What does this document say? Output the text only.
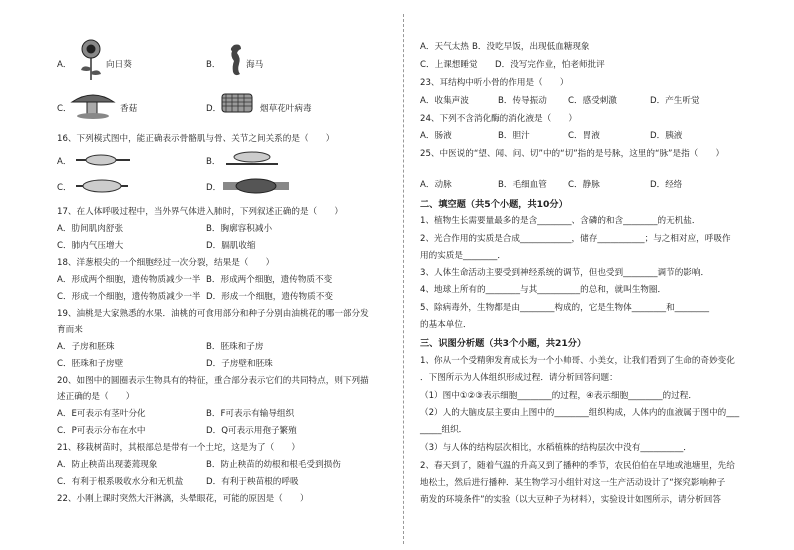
A．	向日葵	B．	海马
C．	香菇	D．	烟草花叶病毒
16、下列模式图中，能正确表示骨骼肌与骨、关节之间关系的是（　　）
A．	B．
C．	D．
17、在人体呼吸过程中，当外界气体进入肺时，下列叙述正确的是（　　）
A．肋间肌肉舒张	B．胸廓容积减小
C．肺内气压增大	D．膈肌收缩
18、洋葱根尖的一个细胞经过一次分裂，结果是（　　）
A．形成两个细胞，遗传物质减少一半 B．形成两个细胞，遗传物质不变
C．形成一个细胞，遗传物质减少一半 D．形成一个细胞，遗传物质不变
19、油桃是大家熟悉的水果．油桃的可食用部分和种子分别由油桃花的哪一部分发
育而来
A．子房和胚珠	B．胚珠和子房
C．胚珠和子房壁	D．子房壁和胚珠
20、如图中的圆圈表示生物具有的特征，重合部分表示它们的共同特点，则下列描
述正确的是（　　）
A．E可表示有茎叶分化	B．F可表示有输导组织
C．P可表示分布在水中	D．Q可表示用孢子繁殖
21、移栽树苗时，其根部总是带有一个土坨，这是为了（　　）
A．防止秧苗出现萎蔫现象	B．防止秧苗的幼根和根毛受到损伤
C．有利于根系吸收水分和无机盐	D．有利于秧苗根的呼吸
22、小刚上课时突然大汗淋漓，头晕眼花，可能的原因是（　　）
A．天气太热 B．没吃早饭，出现低血糖现象
C．上课想睡觉 D．没写完作业，怕老师批评
23、耳结构中听小骨的作用是（　　）
A．收集声波	B．传导振动 C．感受刺激	D．产生听觉
24、下列不含消化酶的消化液是（　　）
A．肠液	B．胆汁	C．胃液	D．胰液
25、中医说的“望、闻、问、切”中的“切”指的是号脉，这里的“脉”是指（　　）
A．动脉	B．毛细血管 C．静脉	D．经络
二、填空题（共5个小题，共10分）
1、植物生长需要量最多的是含________、含磷的和含________的无机盐．
2、光合作用的实质是合成____________，储存___________；与之相对应，呼吸作
用的实质是________．
3、人体生命活动主要受到神经系统的调节，但也受到________调节的影响．
4、地球上所有的________与其__________的总和，就叫生物圈．
5、除病毒外，生物都是由________构成的，它是生物体________和________
的基本单位．
三、识图分析题（共3个小题，共21分）
1、你从一个受精卵发育成长为一个小帅哥、小美女，让我们看到了生命的奇妙变化
．下图所示为人体组织形成过程．请分析回答问题：
（1）图中①②③表示细胞________的过程，④表示细胞________的过程．
（2）人的大脑皮层主要由上图中的________组织构成，人体内的血液属于图中的___
_____组织．
（3）与人体的结构层次相比，水稻植株的结构层次中没有__________．
2、春天到了，随着气温的升高又到了播种的季节，农民伯伯在早地或池塘里，先给
地松土，然后进行播种．某生物学习小组针对这一生产活动设计了“探究影响种子
萌发的环境条件”的实验（以大豆种子为材料），实验设计如图所示，请分析回答
